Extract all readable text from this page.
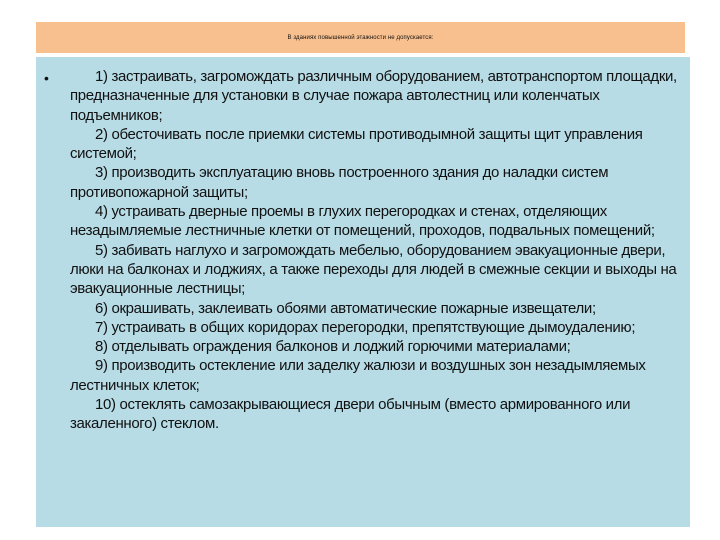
В зданиях повышенной этажности не допускается:
•	1) застраивать, загромождать различным оборудованием, автотранспортом площадки, предназначенные для установки в случае пожара автолестниц или коленчатых подъемников;

2) обесточивать после приемки системы противодымной защиты щит управления системой;

3) производить эксплуатацию вновь построенного здания до наладки систем противопожарной защиты;

4) устраивать дверные проемы в глухих перегородках и стенах, отделяющих незадымляемые лестничные клетки от помещений, проходов, подвальных помещений;

5) забивать наглухо и загромождать мебелью, оборудованием эвакуационные двери, люки на балконах и лоджиях, а также переходы для людей в смежные секции и выходы на эвакуационные лестницы;

6) окрашивать, заклеивать обоями автоматические пожарные извещатели;

7) устраивать в общих коридорах перегородки, препятствующие дымоудалению;

8) отделывать ограждения балконов и лоджий горючими материалами;

9) производить остекление или заделку жалюзи и воздушных зон незадымляемых лестничных клеток;

10) остеклять самозакрывающиеся двери обычным (вместо армированного или закаленного) стеклом.
